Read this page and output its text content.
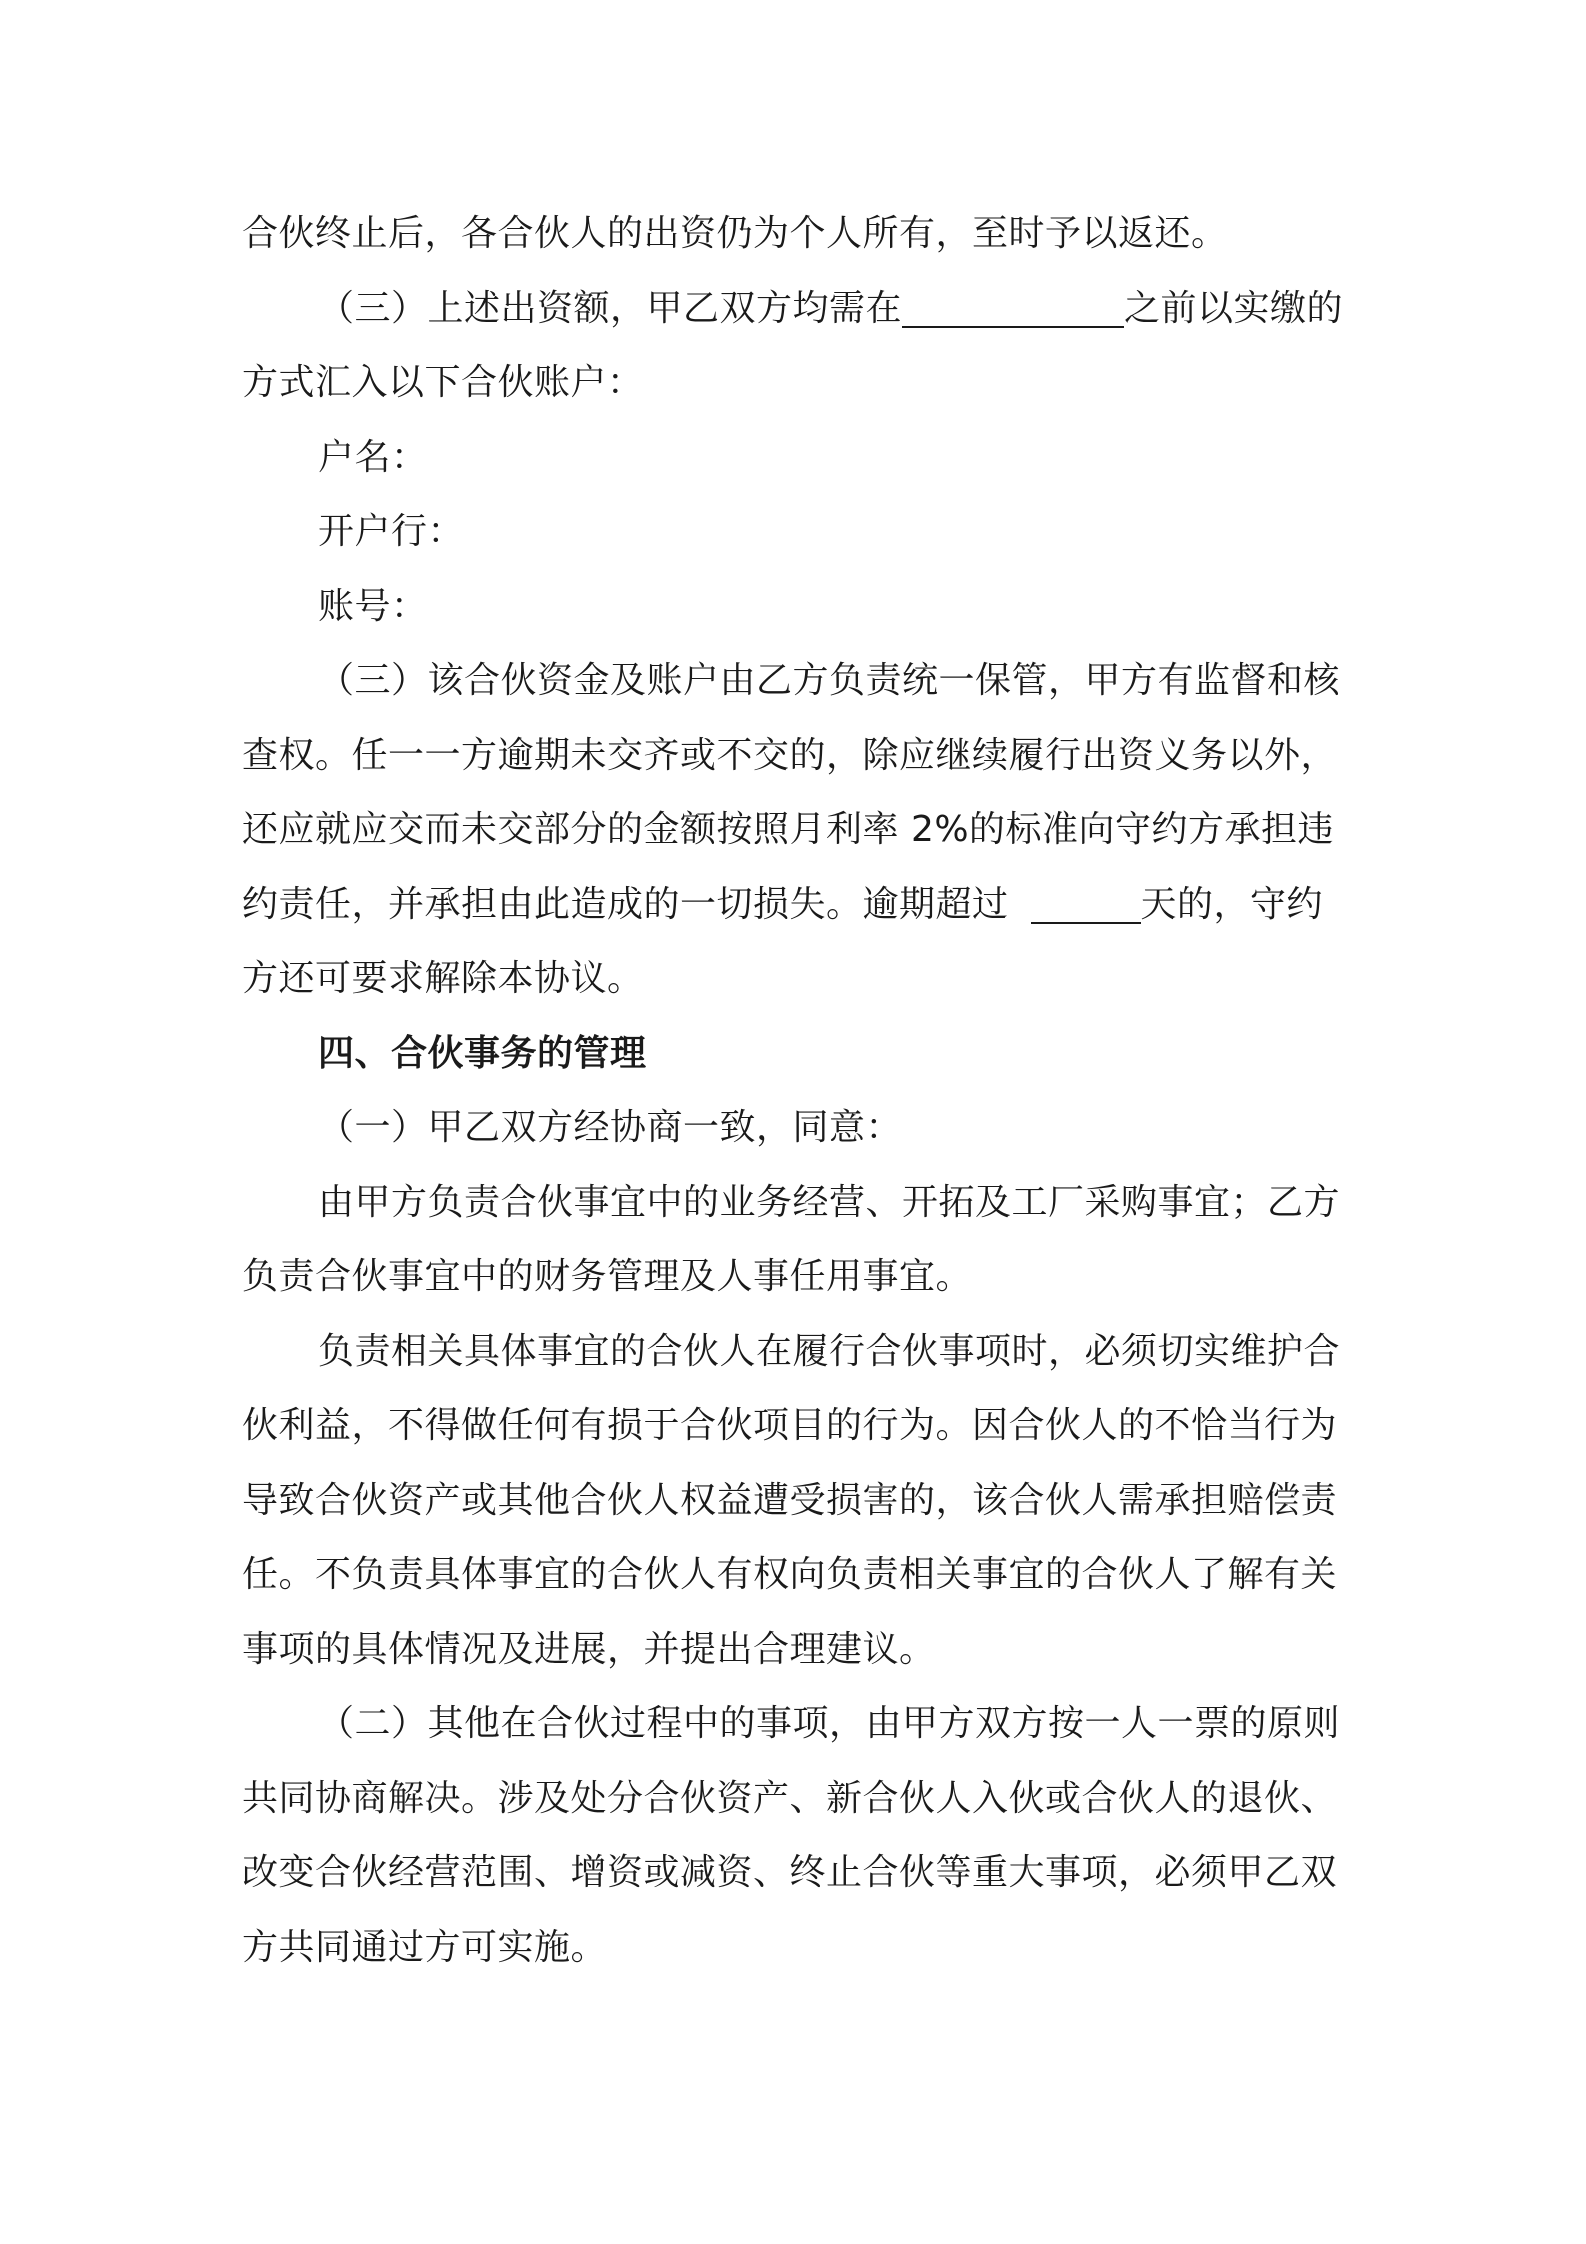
合伙终止后，各合伙人的出资仍为个人所有，至时予以返还。
（三）上述出资额，甲乙双方均需在	之前以实缴的
方式汇入以下合伙账户：
户名：
开户行：
账号：
（三）该合伙资金及账户由乙方负责统一保管，甲方有监督和核
查权。任一一方逾期未交齐或不交的，除应继续履行出资义务以外，
还应就应交而未交部分的金额按照月利率 2%的标准向守约方承担违
约责任，并承担由此造成的一切损失。逾期超过	天的，守约
方还可要求解除本协议。
四、合伙事务的管理
（一）甲乙双方经协商一致，同意：
由甲方负责合伙事宜中的业务经营、开拓及工厂采购事宜；乙方
负责合伙事宜中的财务管理及人事任用事宜。
负责相关具体事宜的合伙人在履行合伙事项时，必须切实维护合
伙利益，不得做任何有损于合伙项目的行为。因合伙人的不恰当行为
导致合伙资产或其他合伙人权益遭受损害的，该合伙人需承担赔偿责
任。不负责具体事宜的合伙人有权向负责相关事宜的合伙人了解有关
事项的具体情况及进展，并提出合理建议。
（二）其他在合伙过程中的事项，由甲方双方按一人一票的原则
共同协商解决。涉及处分合伙资产、新合伙人入伙或合伙人的退伙、
改变合伙经营范围、增资或减资、终止合伙等重大事项，必须甲乙双
方共同通过方可实施。
